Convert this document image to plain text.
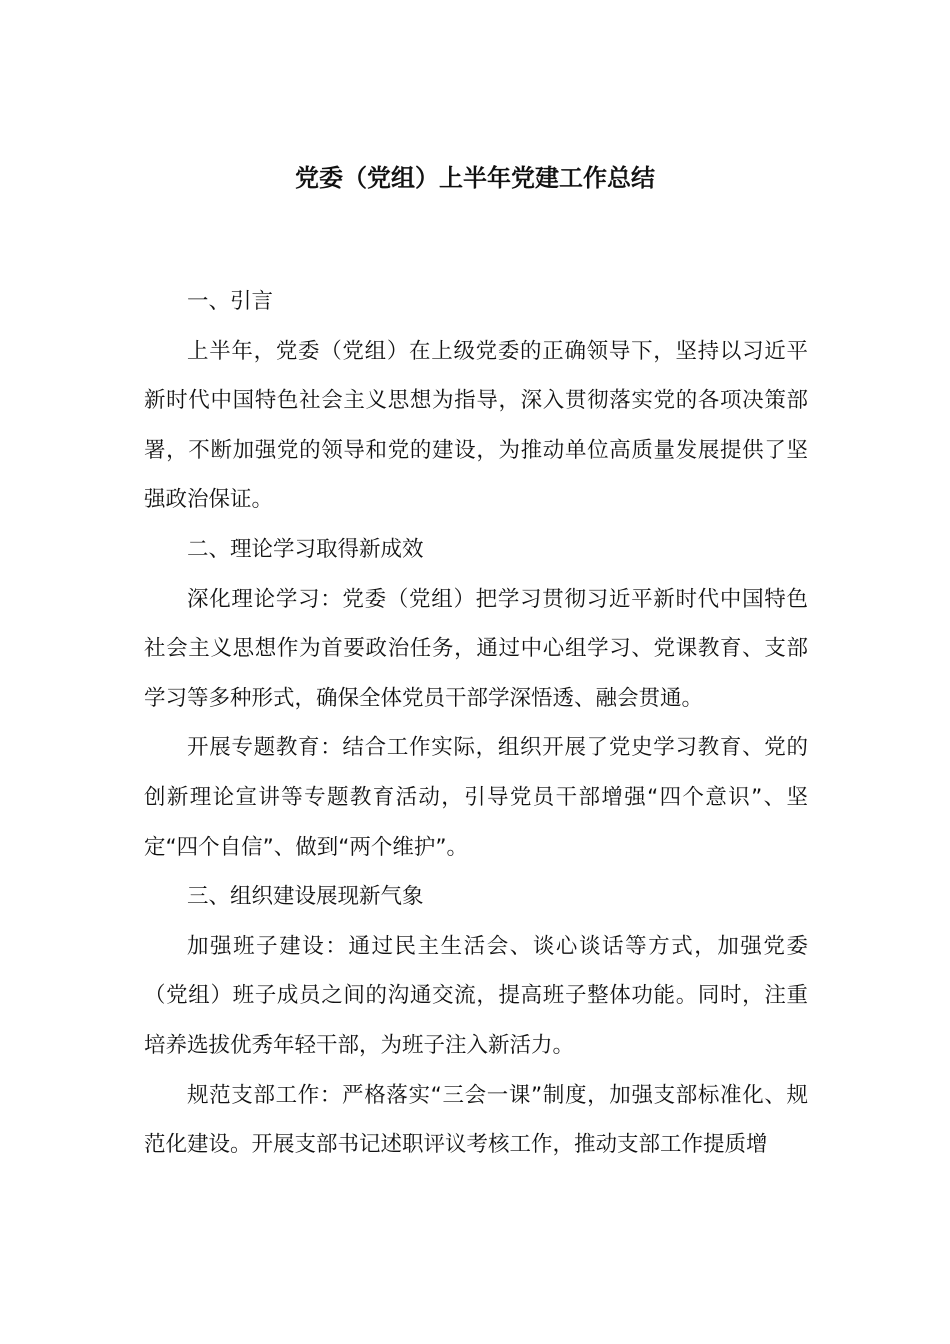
党委（党组）上半年党建工作总结

一、引言

上半年，党委（党组）在上级党委的正确领导下，坚持以习近平新时代中国特色社会主义思想为指导，深入贯彻落实党的各项决策部署，不断加强党的领导和党的建设，为推动单位高质量发展提供了坚强政治保证。

二、理论学习取得新成效

深化理论学习：党委（党组）把学习贯彻习近平新时代中国特色社会主义思想作为首要政治任务，通过中心组学习、党课教育、支部学习等多种形式，确保全体党员干部学深悟透、融会贯通。

开展专题教育：结合工作实际，组织开展了党史学习教育、党的创新理论宣讲等专题教育活动，引导党员干部增强“四个意识”、坚定“四个自信”、做到“两个维护”。

三、组织建设展现新气象

加强班子建设：通过民主生活会、谈心谈话等方式，加强党委（党组）班子成员之间的沟通交流，提高班子整体功能。同时，注重培养选拔优秀年轻干部，为班子注入新活力。

规范支部工作：严格落实“三会一课”制度，加强支部标准化、规范化建设。开展支部书记述职评议考核工作，推动支部工作提质增
